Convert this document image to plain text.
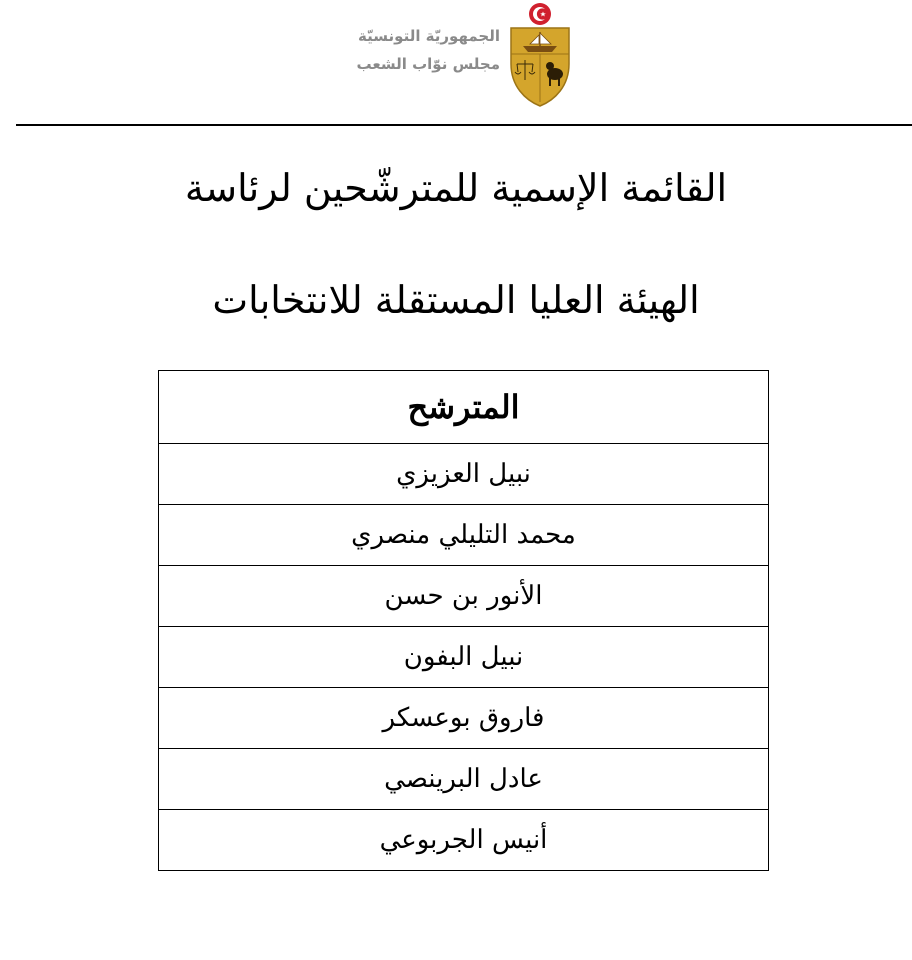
الجمهوريّة التونسيّة
مجلس نوّاب الشعب
القائمة الإسمية للمترشّحين لرئاسة
الهيئة العليا المستقلة للانتخابات
المترشح
نبيل العزيزي
محمد التليلي منصري
الأنور بن حسن
نبيل البفون
فاروق بوعسكر
عادل البرينصي
أنيس الجربوعي
